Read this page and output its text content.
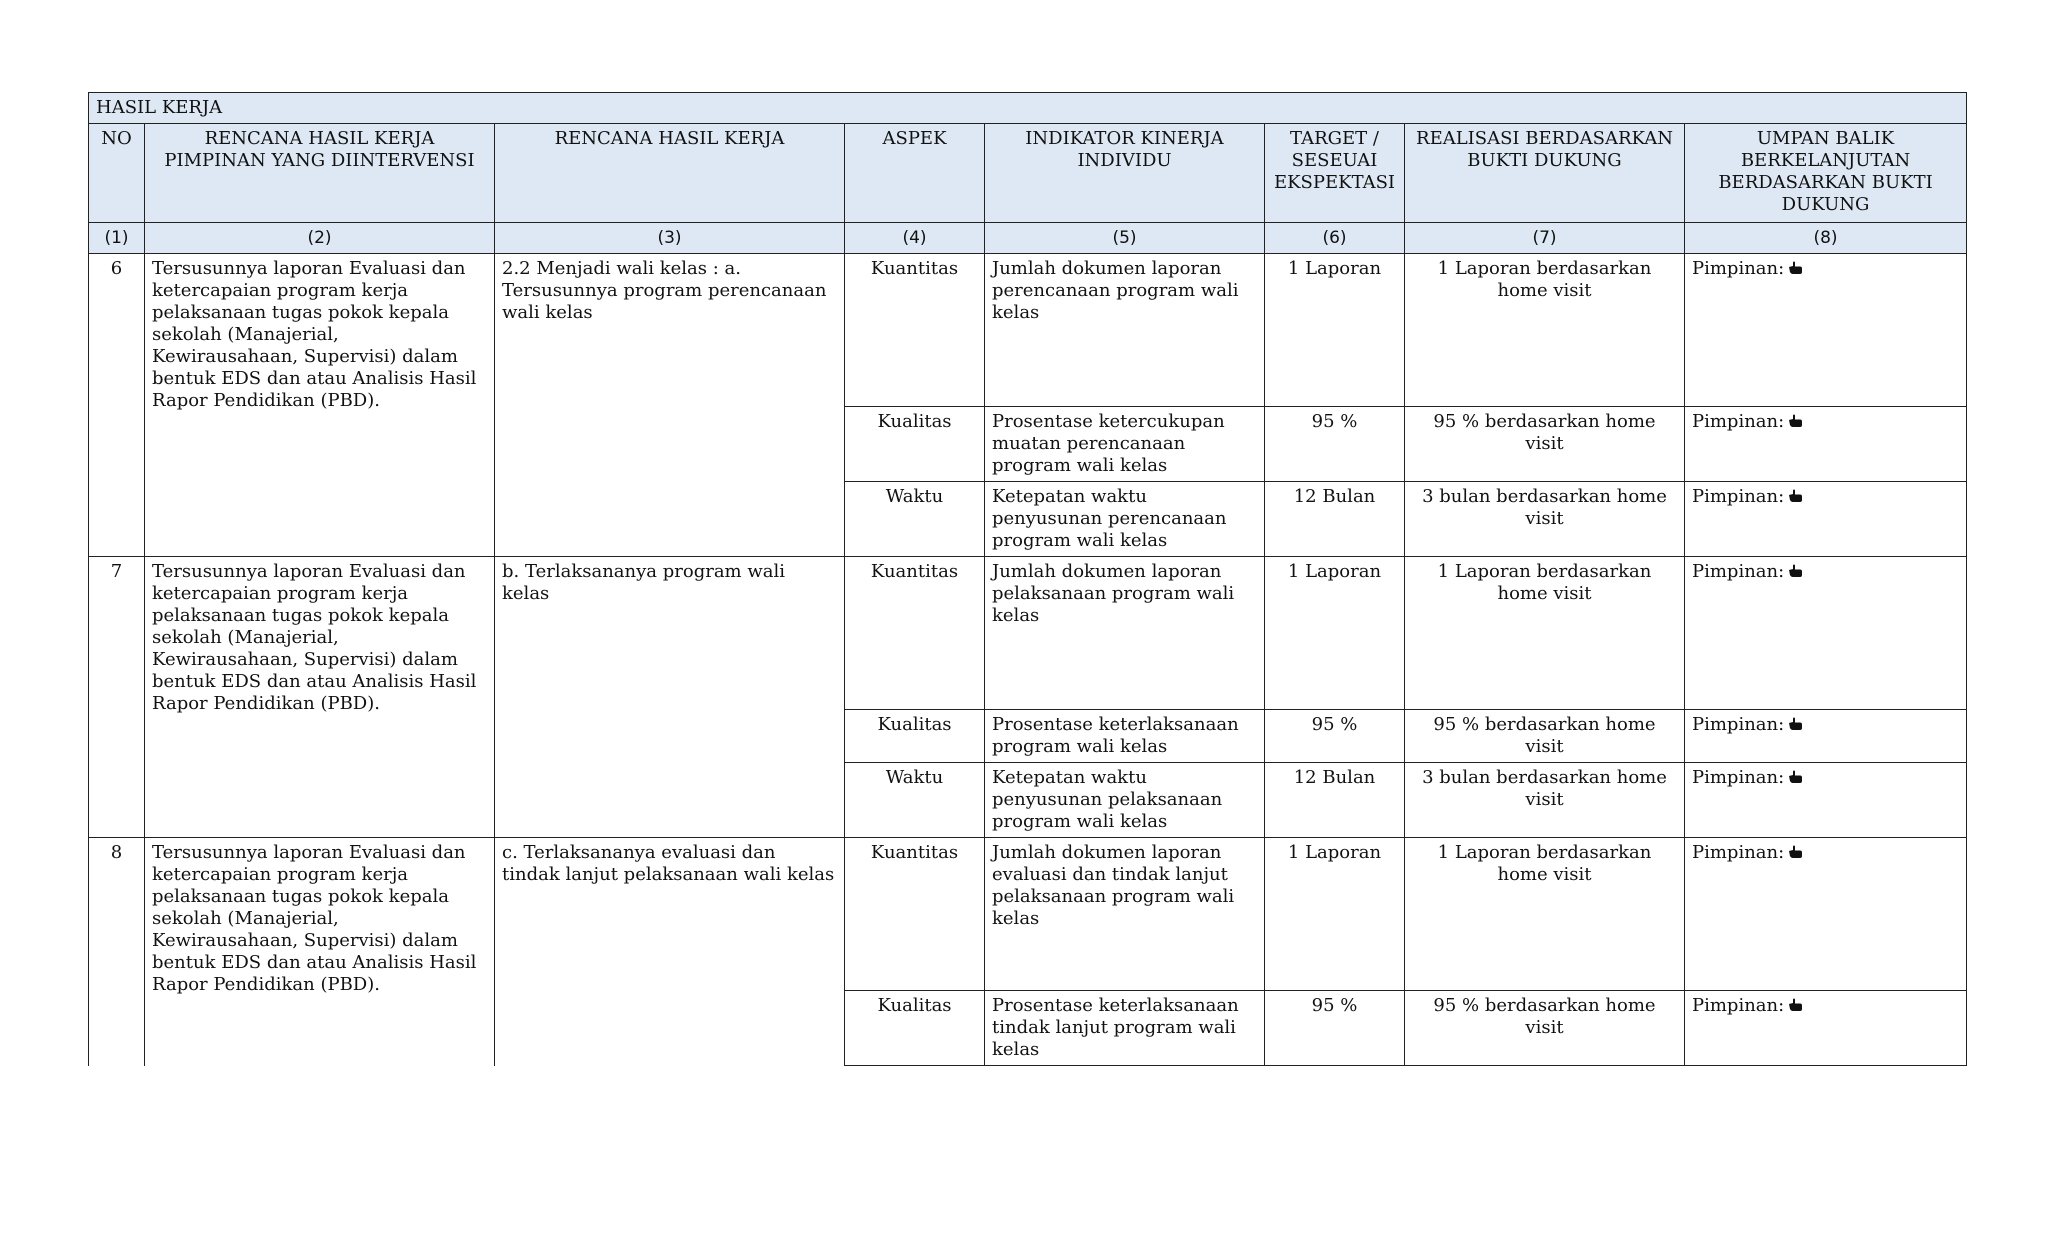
HASIL KERJA							
NO	RENCANA HASIL KERJA PIMPINAN YANG DIINTERVENSI	RENCANA HASIL KERJA	ASPEK	INDIKATOR KINERJA INDIVIDU	TARGET / SESEUAI EKSPEKTASI	REALISASI BERDASARKAN BUKTI DUKUNG	UMPAN BALIK BERKELANJUTAN BERDASARKAN BUKTI DUKUNG
(1)	(2)	(3)	(4)	(5)	(6)	(7)	(8)
6	Tersusunnya laporan Evaluasi dan ketercapaian program kerja pelaksanaan tugas pokok kepala sekolah (Manajerial, Kewirausahaan, Supervisi) dalam bentuk EDS dan atau Analisis Hasil Rapor Pendidikan (PBD).	2.2 Menjadi wali kelas : a. Tersusunnya program perencanaan wali kelas	Kuantitas	Jumlah dokumen laporan perencanaan program wali kelas	1 Laporan	1 Laporan berdasarkan home visit	Pimpinan:
			Kualitas	Prosentase ketercukupan muatan perencanaan program wali kelas	95 %	95 % berdasarkan home visit	Pimpinan:
			Waktu	Ketepatan waktu penyusunan perencanaan program wali kelas	12 Bulan	3 bulan berdasarkan home visit	Pimpinan:
7	Tersusunnya laporan Evaluasi dan ketercapaian program kerja pelaksanaan tugas pokok kepala sekolah (Manajerial, Kewirausahaan, Supervisi) dalam bentuk EDS dan atau Analisis Hasil Rapor Pendidikan (PBD).	b. Terlaksananya program wali kelas	Kuantitas	Jumlah dokumen laporan pelaksanaan program wali kelas	1 Laporan	1 Laporan berdasarkan home visit	Pimpinan:
			Kualitas	Prosentase keterlaksanaan program wali kelas	95 %	95 % berdasarkan home visit	Pimpinan:
			Waktu	Ketepatan waktu penyusunan pelaksanaan program wali kelas	12 Bulan	3 bulan berdasarkan home visit	Pimpinan:
8	Tersusunnya laporan Evaluasi dan ketercapaian program kerja pelaksanaan tugas pokok kepala sekolah (Manajerial, Kewirausahaan, Supervisi) dalam bentuk EDS dan atau Analisis Hasil Rapor Pendidikan (PBD).	c. Terlaksananya evaluasi dan tindak lanjut pelaksanaan wali kelas	Kuantitas	Jumlah dokumen laporan evaluasi dan tindak lanjut pelaksanaan program wali kelas	1 Laporan	1 Laporan berdasarkan home visit	Pimpinan:
			Kualitas	Prosentase keterlaksanaan tindak lanjut program wali kelas	95 %	95 % berdasarkan home visit	Pimpinan:
